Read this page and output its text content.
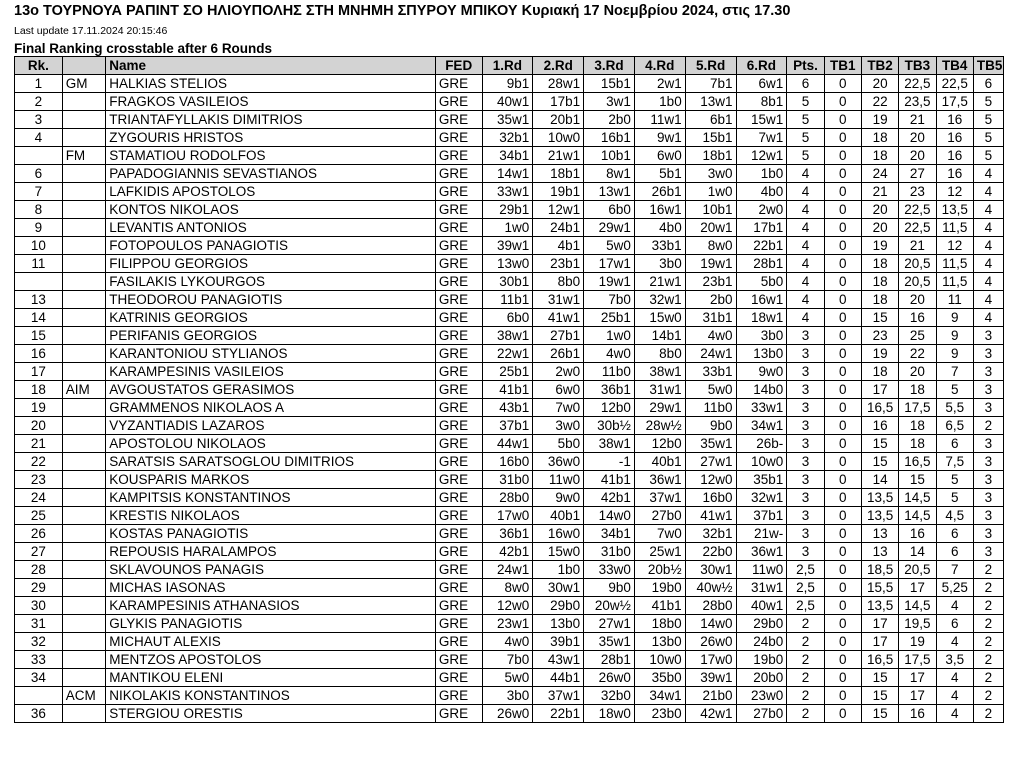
13ο ΤΟΥΡΝΟΥΑ ΡΑΠΙΝΤ ΣΟ ΗΛΙΟΥΠΟΛΗΣ ΣΤΗ ΜΝΗΜΗ ΣΠΥΡΟΥ ΜΠΙΚΟΥ Κυριακή 17 Νοεμβρίου 2024, στις 17.30
Last update 17.11.2024 20:15:46
Final Ranking crosstable after 6 Rounds
Rk.		Name	FED	1.Rd	2.Rd	3.Rd	4.Rd	5.Rd	6.Rd	Pts.	TB1	TB2	TB3	TB4	TB5
1	GM	HALKIAS STELIOS	GRE	9b1	28w1	15b1	2w1	7b1	6w1	6	0	20	22,5	22,5	6
2		FRAGKOS VASILEIOS	GRE	40w1	17b1	3w1	1b0	13w1	8b1	5	0	22	23,5	17,5	5
3		TRIANTAFYLLAKIS DIMITRIOS	GRE	35w1	20b1	2b0	11w1	6b1	15w1	5	0	19	21	16	5
4		ZYGOURIS HRISTOS	GRE	32b1	10w0	16b1	9w1	15b1	7w1	5	0	18	20	16	5
	FM	STAMATIOU RODOLFOS	GRE	34b1	21w1	10b1	6w0	18b1	12w1	5	0	18	20	16	5
6		PAPADOGIANNIS SEVASTIANOS	GRE	14w1	18b1	8w1	5b1	3w0	1b0	4	0	24	27	16	4
7		LAFKIDIS APOSTOLOS	GRE	33w1	19b1	13w1	26b1	1w0	4b0	4	0	21	23	12	4
8		KONTOS NIKOLAOS	GRE	29b1	12w1	6b0	16w1	10b1	2w0	4	0	20	22,5	13,5	4
9		LEVANTIS ANTONIOS	GRE	1w0	24b1	29w1	4b0	20w1	17b1	4	0	20	22,5	11,5	4
10		FOTOPOULOS PANAGIOTIS	GRE	39w1	4b1	5w0	33b1	8w0	22b1	4	0	19	21	12	4
11		FILIPPOU GEORGIOS	GRE	13w0	23b1	17w1	3b0	19w1	28b1	4	0	18	20,5	11,5	4
		FASILAKIS LYKOURGOS	GRE	30b1	8b0	19w1	21w1	23b1	5b0	4	0	18	20,5	11,5	4
13		THEODOROU PANAGIOTIS	GRE	11b1	31w1	7b0	32w1	2b0	16w1	4	0	18	20	11	4
14		KATRINIS GEORGIOS	GRE	6b0	41w1	25b1	15w0	31b1	18w1	4	0	15	16	9	4
15		PERIFANIS GEORGIOS	GRE	38w1	27b1	1w0	14b1	4w0	3b0	3	0	23	25	9	3
16		KARANTONIOU STYLIANOS	GRE	22w1	26b1	4w0	8b0	24w1	13b0	3	0	19	22	9	3
17		KARAMPESINIS VASILEIOS	GRE	25b1	2w0	11b0	38w1	33b1	9w0	3	0	18	20	7	3
18	AIM	AVGOUSTATOS GERASIMOS	GRE	41b1	6w0	36b1	31w1	5w0	14b0	3	0	17	18	5	3
19		GRAMMENOS NIKOLAOS A	GRE	43b1	7w0	12b0	29w1	11b0	33w1	3	0	16,5	17,5	5,5	3
20		VYZANTIADIS LAZAROS	GRE	37b1	3w0	30b½	28w½	9b0	34w1	3	0	16	18	6,5	2
21		APOSTOLOU NIKOLAOS	GRE	44w1	5b0	38w1	12b0	35w1	26b-	3	0	15	18	6	3
22		SARATSIS SARATSOGLOU DIMITRIOS	GRE	16b0	36w0	-1	40b1	27w1	10w0	3	0	15	16,5	7,5	3
23		KOUSPARIS MARKOS	GRE	31b0	11w0	41b1	36w1	12w0	35b1	3	0	14	15	5	3
24		KAMPITSIS KONSTANTINOS	GRE	28b0	9w0	42b1	37w1	16b0	32w1	3	0	13,5	14,5	5	3
25		KRESTIS NIKOLAOS	GRE	17w0	40b1	14w0	27b0	41w1	37b1	3	0	13,5	14,5	4,5	3
26		KOSTAS PANAGIOTIS	GRE	36b1	16w0	34b1	7w0	32b1	21w-	3	0	13	16	6	3
27		REPOUSIS HARALAMPOS	GRE	42b1	15w0	31b0	25w1	22b0	36w1	3	0	13	14	6	3
28		SKLAVOUNOS PANAGIS	GRE	24w1	1b0	33w0	20b½	30w1	11w0	2,5	0	18,5	20,5	7	2
29		MICHAS IASONAS	GRE	8w0	30w1	9b0	19b0	40w½	31w1	2,5	0	15,5	17	5,25	2
30		KARAMPESINIS ATHANASIOS	GRE	12w0	29b0	20w½	41b1	28b0	40w1	2,5	0	13,5	14,5	4	2
31		GLYKIS PANAGIOTIS	GRE	23w1	13b0	27w1	18b0	14w0	29b0	2	0	17	19,5	6	2
32		MICHAUT ALEXIS	GRE	4w0	39b1	35w1	13b0	26w0	24b0	2	0	17	19	4	2
33		MENTZOS APOSTOLOS	GRE	7b0	43w1	28b1	10w0	17w0	19b0	2	0	16,5	17,5	3,5	2
34		MANTIKOU ELENI	GRE	5w0	44b1	26w0	35b0	39w1	20b0	2	0	15	17	4	2
	ACM	NIKOLAKIS KONSTANTINOS	GRE	3b0	37w1	32b0	34w1	21b0	23w0	2	0	15	17	4	2
36		STERGIOU ORESTIS	GRE	26w0	22b1	18w0	23b0	42w1	27b0	2	0	15	16	4	2
